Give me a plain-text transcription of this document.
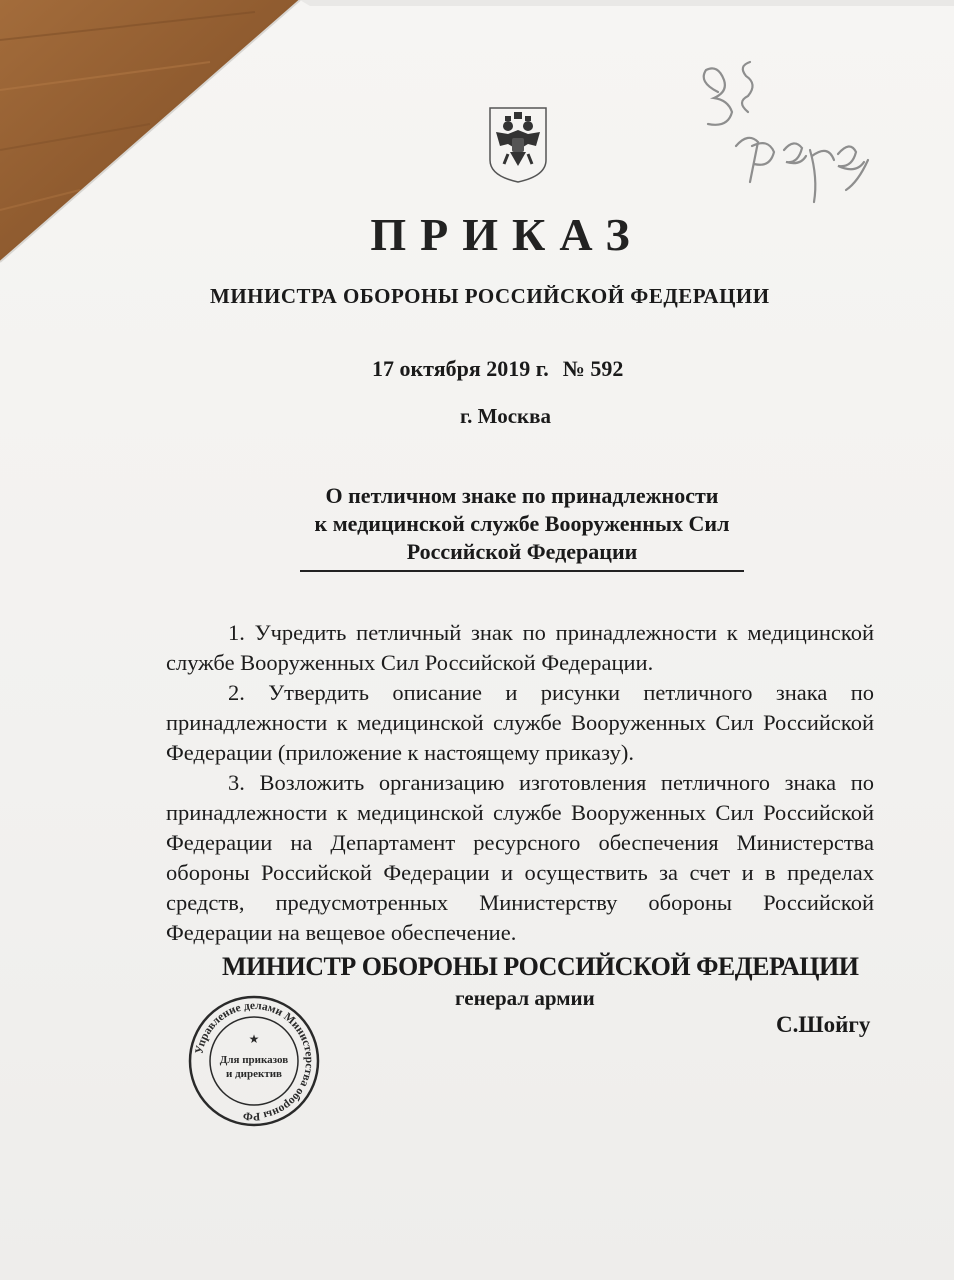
ПРИКАЗ
МИНИСТРА ОБОРОНЫ РОССИЙСКОЙ ФЕДЕРАЦИИ
17 октября 2019 г. № 592
г. Москва
О петличном знаке по принадлежности
к медицинской службе Вооруженных Сил
Российской Федерации

1. Учредить петличный знак по принадлежности к медицинской службе Вооруженных Сил Российской Федерации.

2. Утвердить описание и рисунки петличного знака по принадлежности к медицинской службе Вооруженных Сил Российской Федерации (приложение к настоящему приказу).

3. Возложить организацию изготовления петличного знака по принадлежности к медицинской службе Вооруженных Сил Российской Федерации на Департамент ресурсного обеспечения Министерства обороны Российской Федерации и осуществить за счет и в пределах средств, предусмотренных Министерству обороны Российской Федерации на вещевое обеспечение.

МИНИСТР ОБОРОНЫ РОССИЙСКОЙ ФЕДЕРАЦИИ
генерал армии
С.Шойгу
Управление делами Министерства обороны РФ
★
Для приказов
и директив
